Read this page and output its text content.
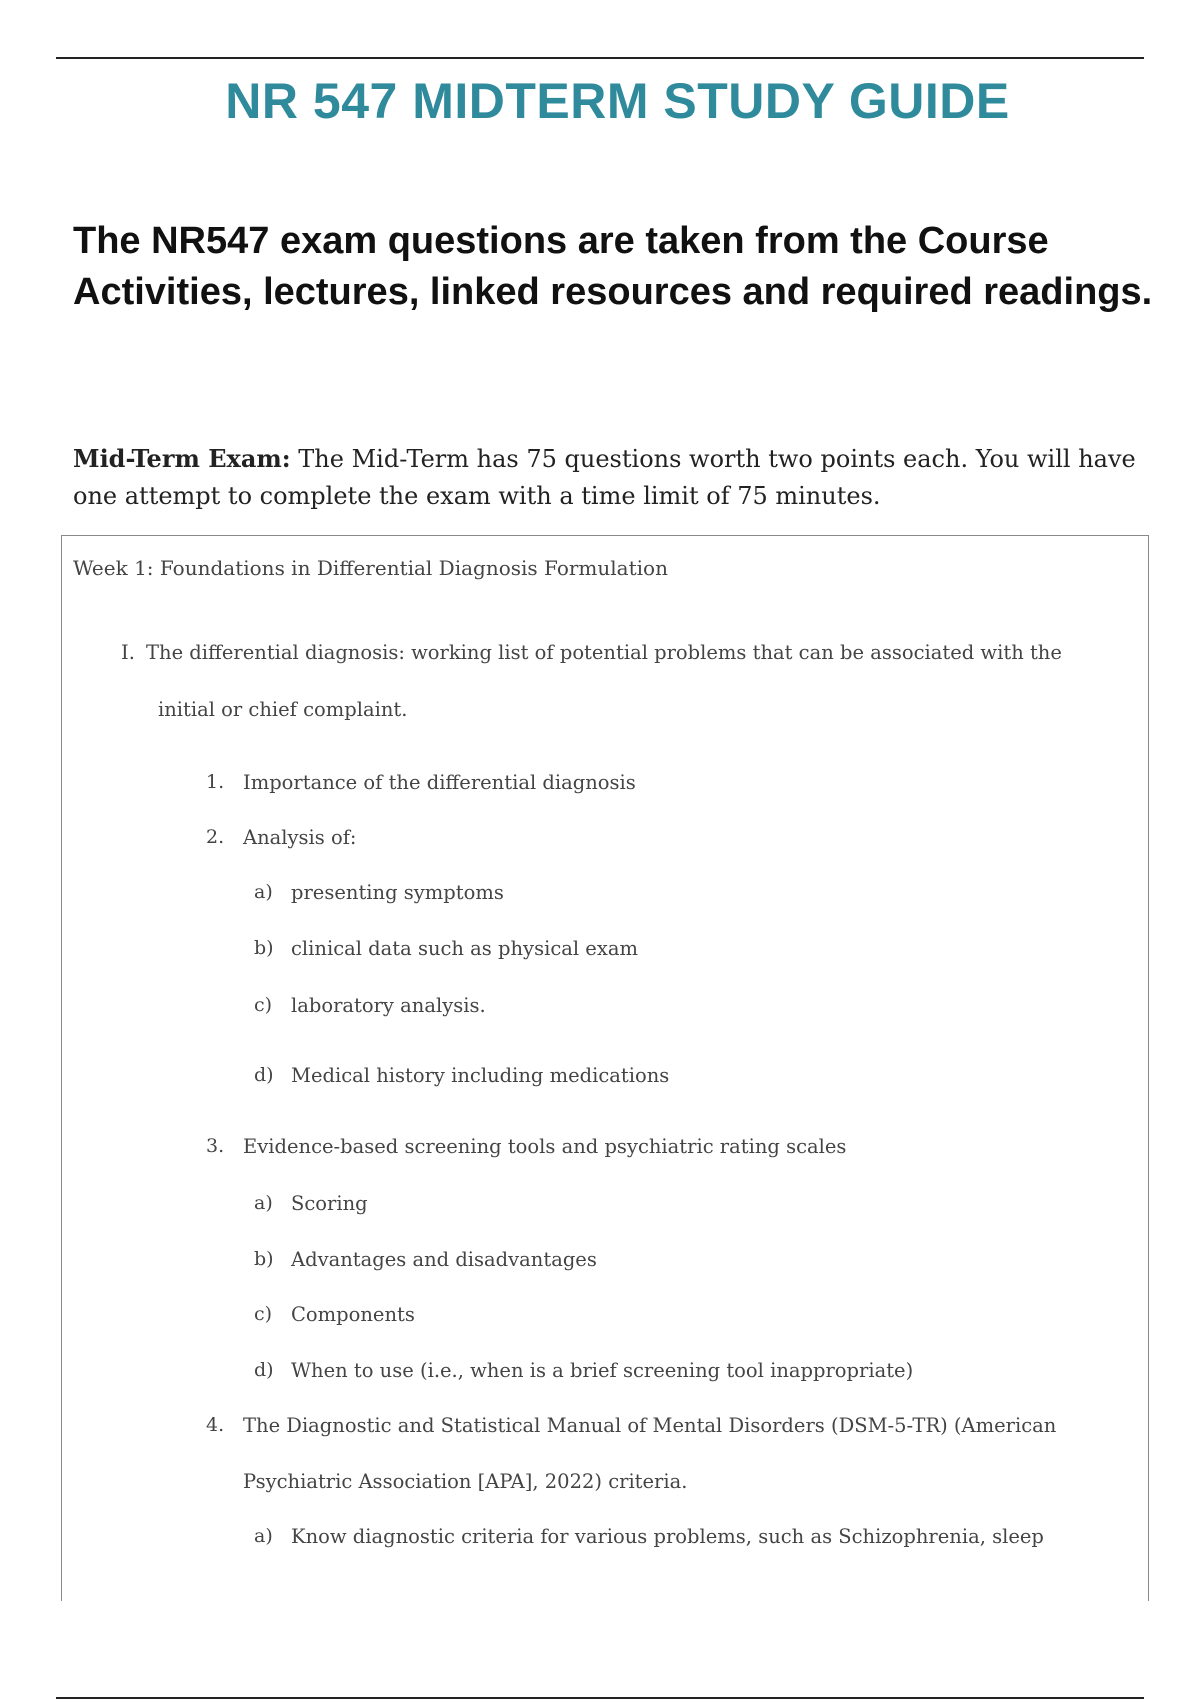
NR 547 MIDTERM STUDY GUIDE
The NR547 exam questions are taken from the Course Activities, lectures, linked resources and required readings.
Mid-Term Exam: The Mid-Term has 75 questions worth two points each. You will have one attempt to complete the exam with a time limit of 75 minutes.
Week 1: Foundations in Differential Diagnosis Formulation
I. The differential diagnosis: working list of potential problems that can be associated with the
initial or chief complaint.
1. Importance of the differential diagnosis
2. Analysis of:
a) presenting symptoms
b) clinical data such as physical exam
c) laboratory analysis.
d) Medical history including medications
3. Evidence-based screening tools and psychiatric rating scales
a) Scoring
b) Advantages and disadvantages
c) Components
d) When to use (i.e., when is a brief screening tool inappropriate)
4. The Diagnostic and Statistical Manual of Mental Disorders (DSM-5-TR) (American
Psychiatric Association [APA], 2022) criteria.
a) Know diagnostic criteria for various problems, such as Schizophrenia, sleep
